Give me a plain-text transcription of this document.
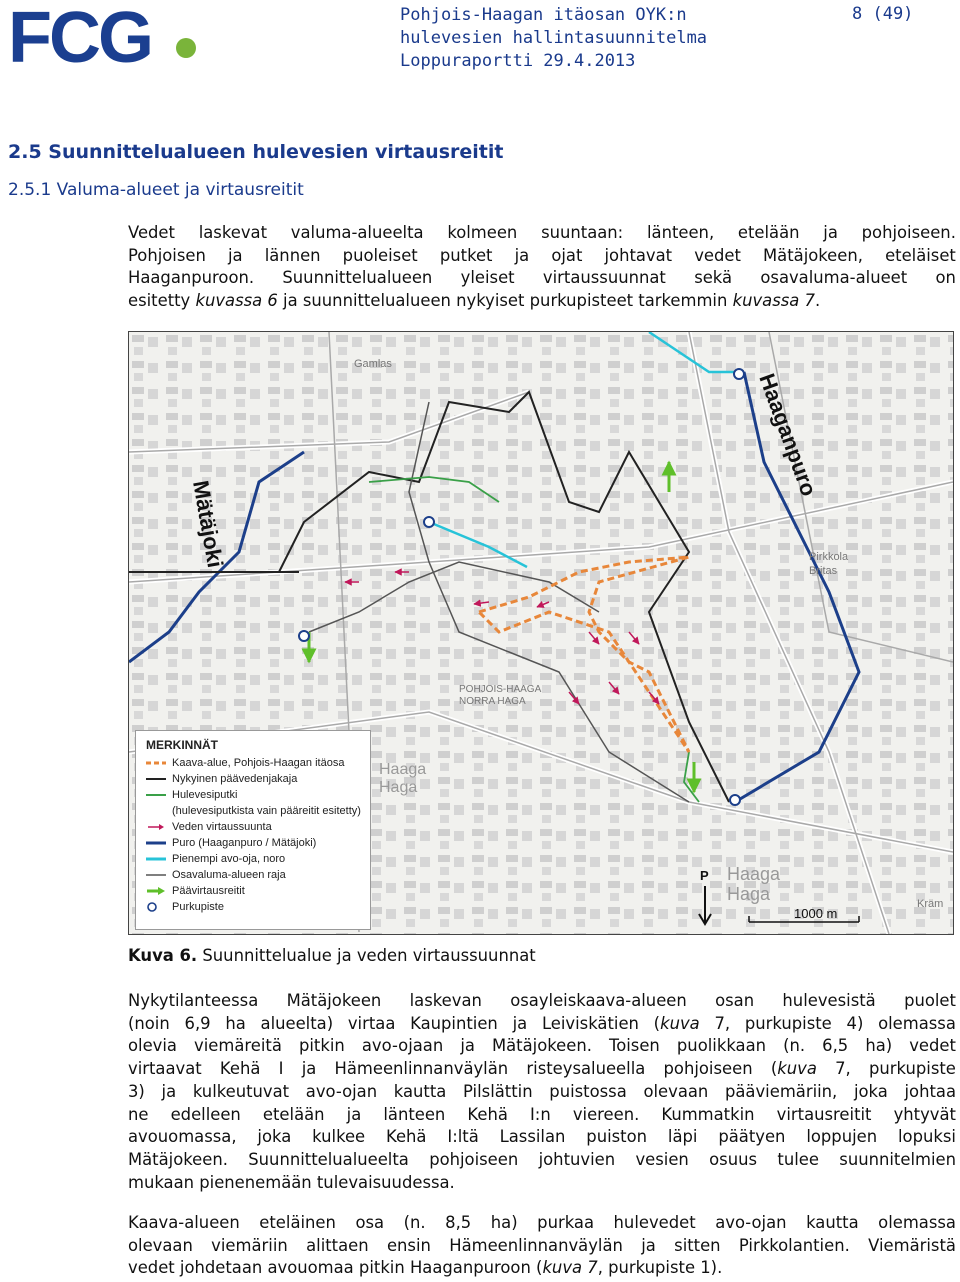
FCG	Pohjois-Haagan itäosan OYK:n
hulevesien hallintasuunnitelma
Loppuraportti 29.4.2013
8 (49)
2.5 Suunnittelualueen hulevesien virtausreitit
2.5.1 Valuma-alueet ja virtausreitit
Vedet laskevat valuma-alueelta kolmeen suuntaan: länteen, etelään ja pohjoiseen.
Pohjoisen ja lännen puoleiset putket ja ojat johtavat vedet Mätäjokeen, eteläiset
Haaganpuroon. Suunnittelualueen yleiset virtaussuunnat sekä osavaluma-alueet on
esitetty kuvassa 6 ja suunnittelualueen nykyiset purkupisteet tarkemmin kuvassa 7 .
Mätäjoki
Haaganpuro
Gamlas
Pirkkola
Britas
POHJOIS-HAAGA
NORRA HAGA
Haaga
Haga
Haaga
Haga	Kräm
P
1000 m
MERKINNÄT
Kaava-alue, Pohjois-Haagan itäosa
Nykyinen päävedenjakaja
Hulevesiputki
(hulevesiputkista vain pääreitit esitetty)
Veden virtaussuunta
Puro (Haaganpuro / Mätäjoki)
Pienempi avo-oja, noro
Osavaluma-alueen raja
Päävirtausreitit
Purkupiste
Kuva 6. Suunnittelualue ja veden virtaussuunnat
Nykytilanteessa Mätäjokeen laskevan osayleiskaava-alueen osan hulevesistä puolet
(noin 6,9 ha alueelta) virtaa Kaupintien ja Leiviskätien (kuva 7, purkupiste 4) olemassa
olevia viemäreitä pitkin avo-ojaan ja Mätäjokeen. Toisen puolikkaan (n. 6,5 ha) vedet
virtaavat Kehä I ja Hämeenlinnanväylän risteysalueella pohjoiseen (kuva 7, purkupiste
3) ja kulkeutuvat avo-ojan kautta Pilslättin puistossa olevaan pääviemäriin, joka johtaa
ne edelleen etelään ja länteen Kehä I:n viereen. Kummatkin virtausreitit yhtyvät
avouomassa, joka kulkee Kehä I:ltä Lassilan puiston läpi päätyen loppujen lopuksi
Mätäjokeen. Suunnittelualueelta pohjoiseen johtuvien vesien osuus tulee suunnitelmien
mukaan pienenemään tulevaisuudessa.
Kaava-alueen eteläinen osa (n. 8,5 ha) purkaa hulevedet avo-ojan kautta olemassa
olevaan viemäriin alittaen ensin Hämeenlinnanväylän ja sitten Pirkkolantien. Viemäristä
vedet johdetaan avouomaa pitkin Haaganpuroon ( kuva 7 , purkupiste 1).
